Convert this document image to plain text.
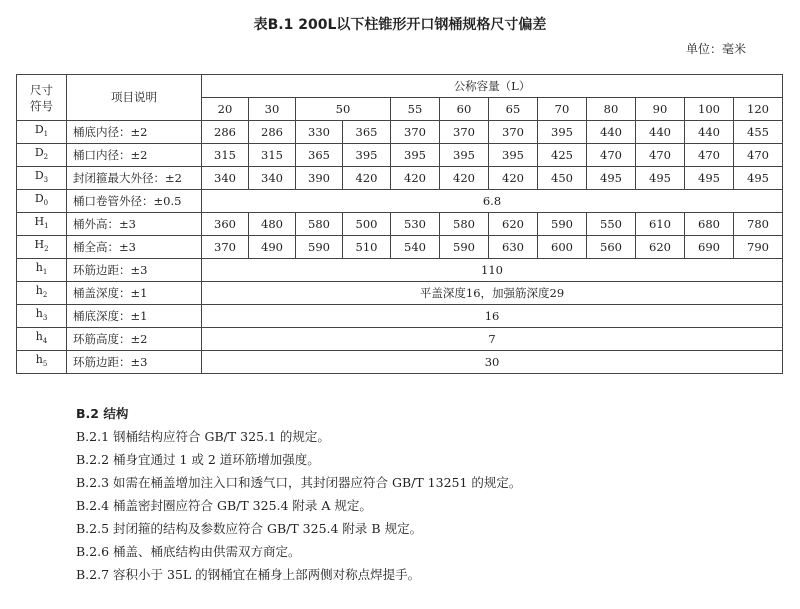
表B.1 200L以下柱锥形开口钢桶规格尺寸偏差
单位：毫米
尺寸
符号	项目说明	公称容量（L）											
		20	30	50		55	60	65	70	80	90	100	120
$D_1$	桶底内径：±2	286	286	330	365	370	370	370	395	440	440	440	455
$D_2$	桶口内径：±2	315	315	365	395	395	395	395	425	470	470	470	470
$D_3$	封闭箍最大外径：±2	340	340	390	420	420	420	420	450	495	495	495	495
$D_0$	桶口卷管外径：±0.5	6.8											
$H_1$	桶外高：±3	360	480	580	500	530	580	620	590	550	610	680	780
$H_2$	桶全高：±3	370	490	590	510	540	590	630	600	560	620	690	790
$h_1$	环筋边距：±3	110											
$h_2$	桶盖深度：±1	平盖深度16，加强筋深度29											
$h_3$	桶底深度：±1	16											
$h_4$	环筋高度：±2	7											
$h_5$	环筋边距：±3	30											
B.2 结构
B.2.1 钢桶结构应符合 GB/T 325.1 的规定。
B.2.2 桶身宜通过 1 或 2 道环筋增加强度。
B.2.3 如需在桶盖增加注入口和透气口，其封闭器应符合 GB/T 13251 的规定。
B.2.4 桶盖密封圈应符合 GB/T 325.4 附录 A 规定。
B.2.5 封闭箍的结构及参数应符合 GB/T 325.4 附录 B 规定。
B.2.6 桶盖、桶底结构由供需双方商定。
B.2.7 容积小于 35L 的钢桶宜在桶身上部两侧对称点焊提手。
